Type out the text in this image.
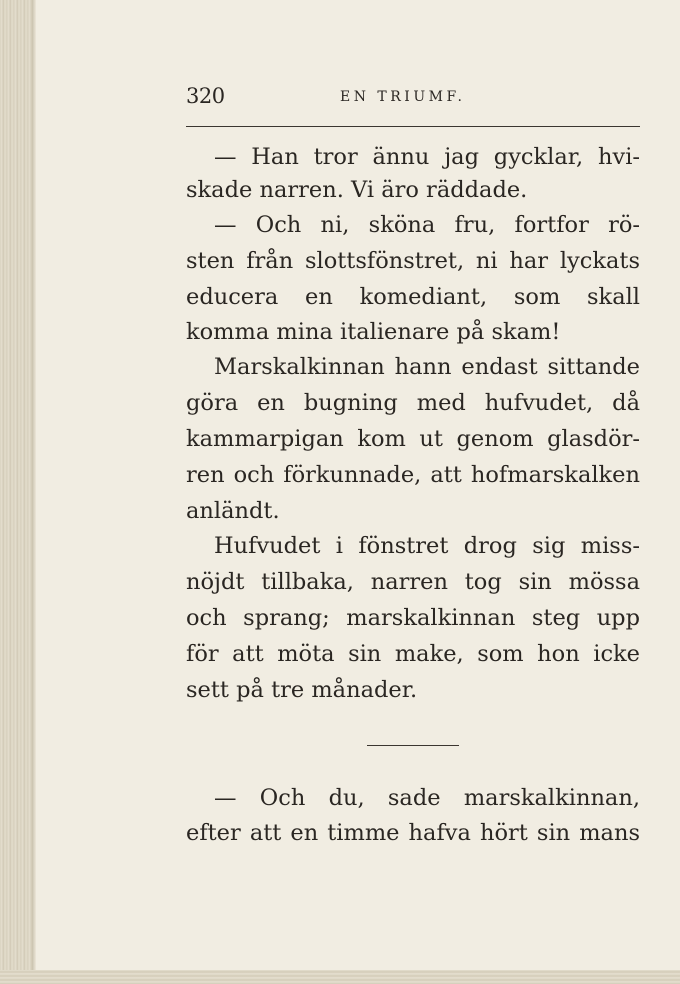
320	EN TRIUMF.
— Han tror ännu jag gycklar, hvi-
skade narren. Vi äro räddade.
— Och ni, sköna fru, fortfor rö-
sten från slottsfönstret, ni har lyckats
educera en komediant, som skall
komma mina italienare på skam!
Marskalkinnan hann endast sittande
göra en bugning med hufvudet, då
kammarpigan kom ut genom glasdör-
ren och förkunnade, att hofmarskalken
anländt.
Hufvudet i fönstret drog sig miss-
nöjdt tillbaka, narren tog sin mössa
och sprang; marskalkinnan steg upp
för att möta sin make, som hon icke
sett på tre månader.
— Och du, sade marskalkinnan,
efter att en timme hafva hört sin mans
